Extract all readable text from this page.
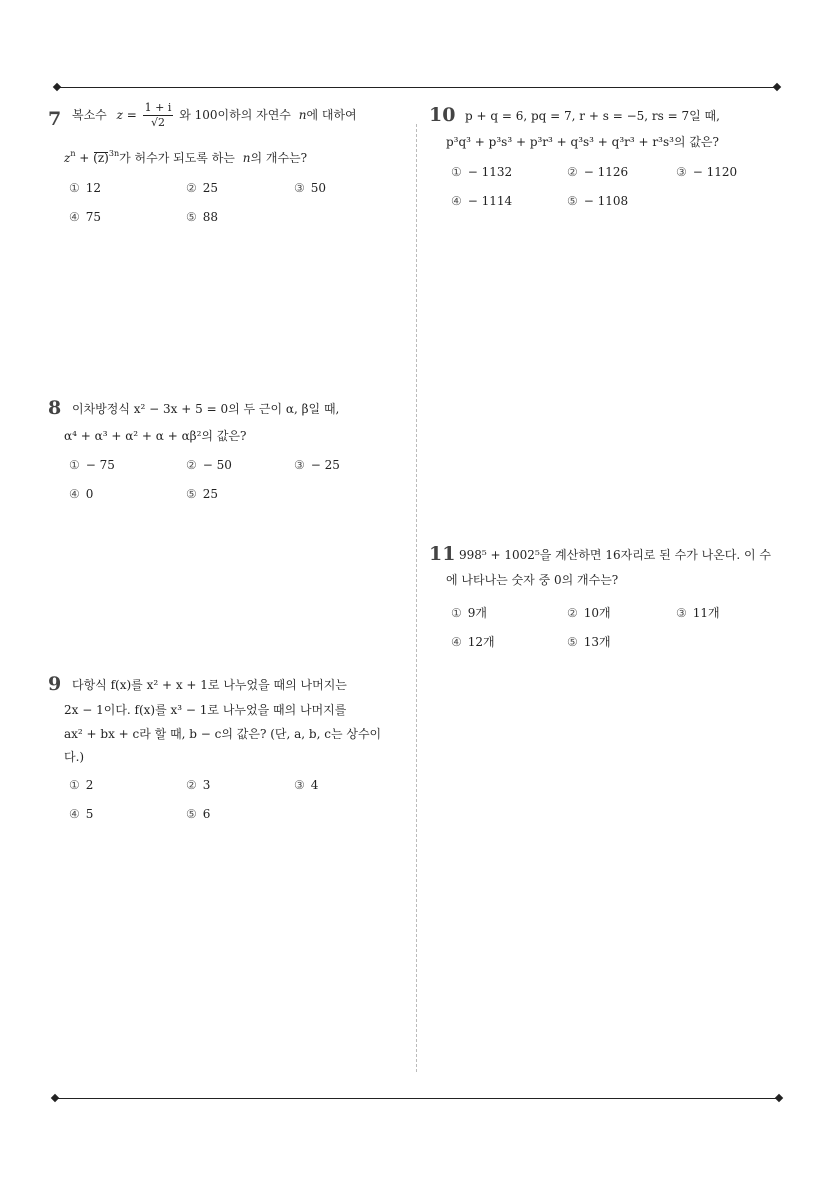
7 복소수 $z = \frac{1 + i}{√2}$ 와 100이하의 자연수 n에 대하여
$z^n + (z)^{3n}$가 허수가 되도록 하는 n의 개수는?
① 12	② 25	③ 50
④ 75	⑤ 88
8 이차방정식 x² − 3x + 5 = 0의 두 근이 α, β일 때,
α⁴ + α³ + α² + α + αβ²의 값은?
① − 75	② − 50	③ − 25
④ 0	⑤ 25
9 다항식 f(x)를 x² + x + 1로 나누었을 때의 나머지는
2x − 1이다. f(x)를 x³ − 1로 나누었을 때의 나머지를
ax² + bx + c라 할 때, b − c의 값은? (단, a, b, c는 상수이
다.)
① 2	② 3	③ 4
④ 5	⑤ 6
10 p + q = 6, pq = 7, r + s = −5, rs = 7일 때,
p³q³ + p³s³ + p³r³ + q³s³ + q³r³ + r³s³의 값은?
① − 1132	② − 1126	③ − 1120
④ − 1114	⑤ − 1108
11 998⁵ + 1002⁵을 계산하면 16자리로 된 수가 나온다. 이 수
에 나타나는 숫자 중 0의 개수는?
① 9개	② 10개	③ 11개
④ 12개	⑤ 13개
